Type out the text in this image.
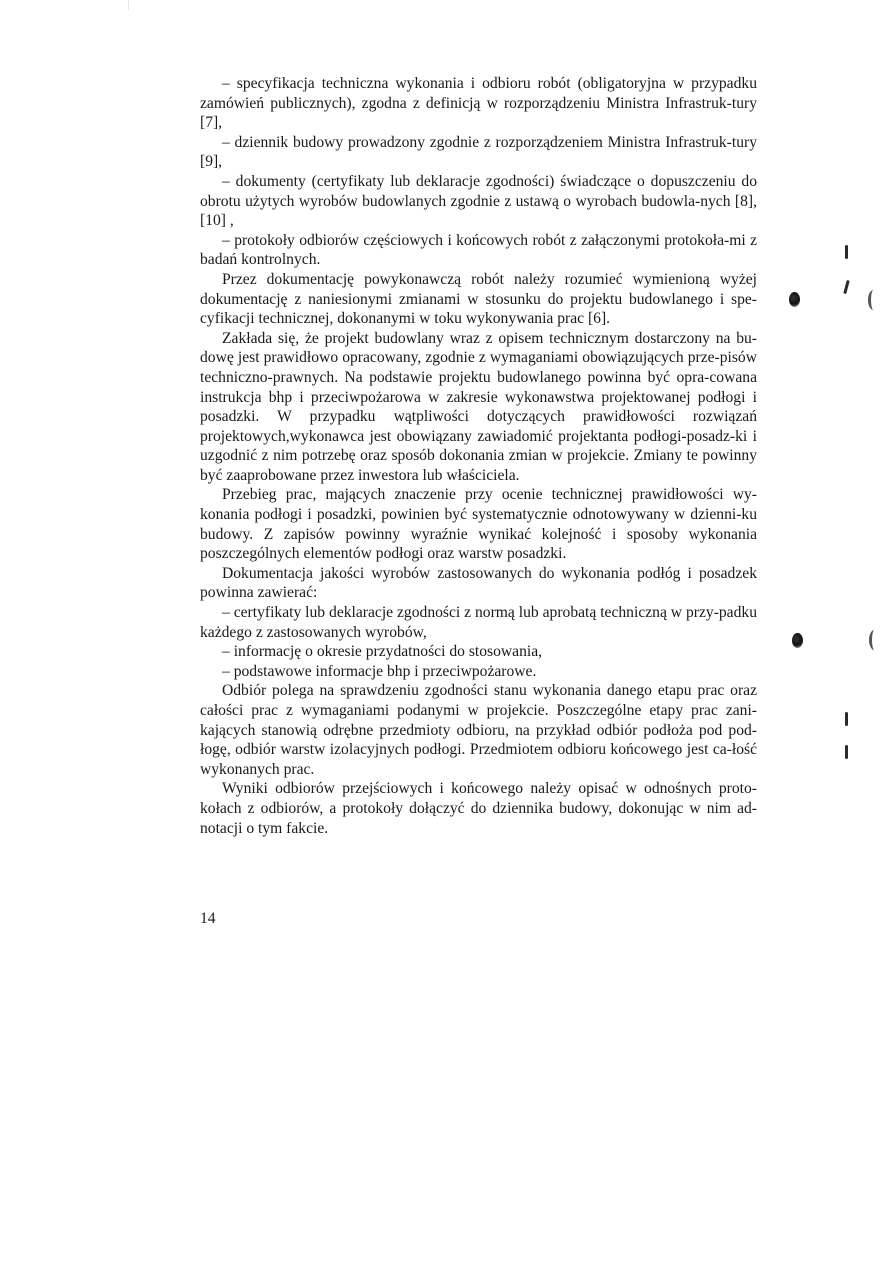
– specyfikacja techniczna wykonania i odbioru robót (obligatoryjna w przypadku zamówień publicznych), zgodna z definicją w rozporządzeniu Ministra Infrastruk-tury [7],

– dziennik budowy prowadzony zgodnie z rozporządzeniem Ministra Infrastruk-tury [9],

– dokumenty (certyfikaty lub deklaracje zgodności) świadczące o dopuszczeniu do obrotu użytych wyrobów budowlanych zgodnie z ustawą o wyrobach budowla-nych [8], [10] ,

– protokoły odbiorów częściowych i końcowych robót z załączonymi protokoła-mi z badań kontrolnych.

Przez dokumentację powykonawczą robót należy rozumieć wymienioną wyżej dokumentację z naniesionymi zmianami w stosunku do projektu budowlanego i spe-cyfikacji technicznej, dokonanymi w toku wykonywania prac [6].

Zakłada się, że projekt budowlany wraz z opisem technicznym dostarczony na bu-dowę jest prawidłowo opracowany, zgodnie z wymaganiami obowiązujących prze-pisów techniczno-prawnych. Na podstawie projektu budowlanego powinna być opra-cowana instrukcja bhp i przeciwpożarowa w zakresie wykonawstwa projektowanej podłogi i posadzki. W przypadku wątpliwości dotyczących prawidłowości rozwiązań projektowych,wykonawca jest obowiązany zawiadomić projektanta podłogi-posadz-ki i uzgodnić z nim potrzebę oraz sposób dokonania zmian w projekcie. Zmiany te powinny być zaaprobowane przez inwestora lub właściciela.

Przebieg prac, mających znaczenie przy ocenie technicznej prawidłowości wy-konania podłogi i posadzki, powinien być systematycznie odnotowywany w dzienni-ku budowy. Z zapisów powinny wyraźnie wynikać kolejność i sposoby wykonania poszczególnych elementów podłogi oraz warstw posadzki.

Dokumentacja jakości wyrobów zastosowanych do wykonania podłóg i posadzek powinna zawierać:

– certyfikaty lub deklaracje zgodności z normą lub aprobatą techniczną w przy-padku każdego z zastosowanych wyrobów,

– informację o okresie przydatności do stosowania,

– podstawowe informacje bhp i przeciwpożarowe.

Odbiór polega na sprawdzeniu zgodności stanu wykonania danego etapu prac oraz całości prac z wymaganiami podanymi w projekcie. Poszczególne etapy prac zani-kających stanowią odrębne przedmioty odbioru, na przykład odbiór podłoża pod pod-łogę, odbiór warstw izolacyjnych podłogi. Przedmiotem odbioru końcowego jest ca-łość wykonanych prac.

Wyniki odbiorów przejściowych i końcowego należy opisać w odnośnych proto-kołach z odbiorów, a protokoły dołączyć do dziennika budowy, dokonując w nim ad-notacji o tym fakcie.

14
